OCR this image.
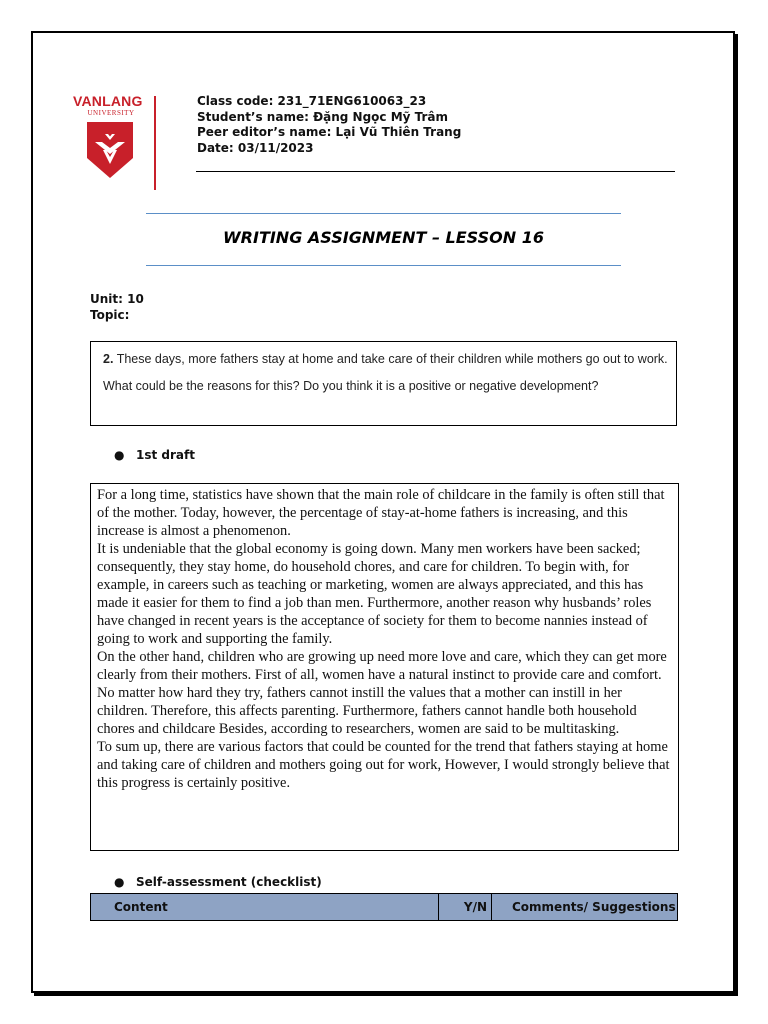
VANLANG
UNIVERSITY
Class code: 231_71ENG610063_23
Student’s name: Đặng Ngọc Mỹ Trâm
Peer editor’s name: Lại Vũ Thiên Trang
Date: 03/11/2023
WRITING ASSIGNMENT – LESSON 16
Unit: 10
Topic:
2. These days, more fathers stay at home and take care of their children while mothers go out to work. What could be the reasons for this? Do you think it is a positive or negative development?
● 1st draft

For a long time, statistics have shown that the main role of childcare in the family is often still that of the mother. Today, however, the percentage of stay-at-home fathers is increasing, and this increase is almost a phenomenon.

It is undeniable that the global economy is going down. Many men workers have been sacked; consequently, they stay home, do household chores, and care for children. To begin with, for example, in careers such as teaching or marketing, women are always appreciated, and this has made it easier for them to find a job than men. Furthermore, another reason why husbands’ roles have changed in recent years is the acceptance of society for them to become nannies instead of going to work and supporting the family.

On the other hand, children who are growing up need more love and care, which they can get more clearly from their mothers. First of all, women have a natural instinct to provide care and comfort. No matter how hard they try, fathers cannot instill the values that a mother can instill in her children. Therefore, this affects parenting. Furthermore, fathers cannot handle both household chores and childcare Besides, according to researchers, women are said to be multitasking.

To sum up, there are various factors that could be counted for the trend that fathers staying at home and taking care of children and mothers going out for work, However, I would strongly believe that this progress is certainly positive.

● Self-assessment (checklist)
Content	Y/N	Comments/ Suggestions
